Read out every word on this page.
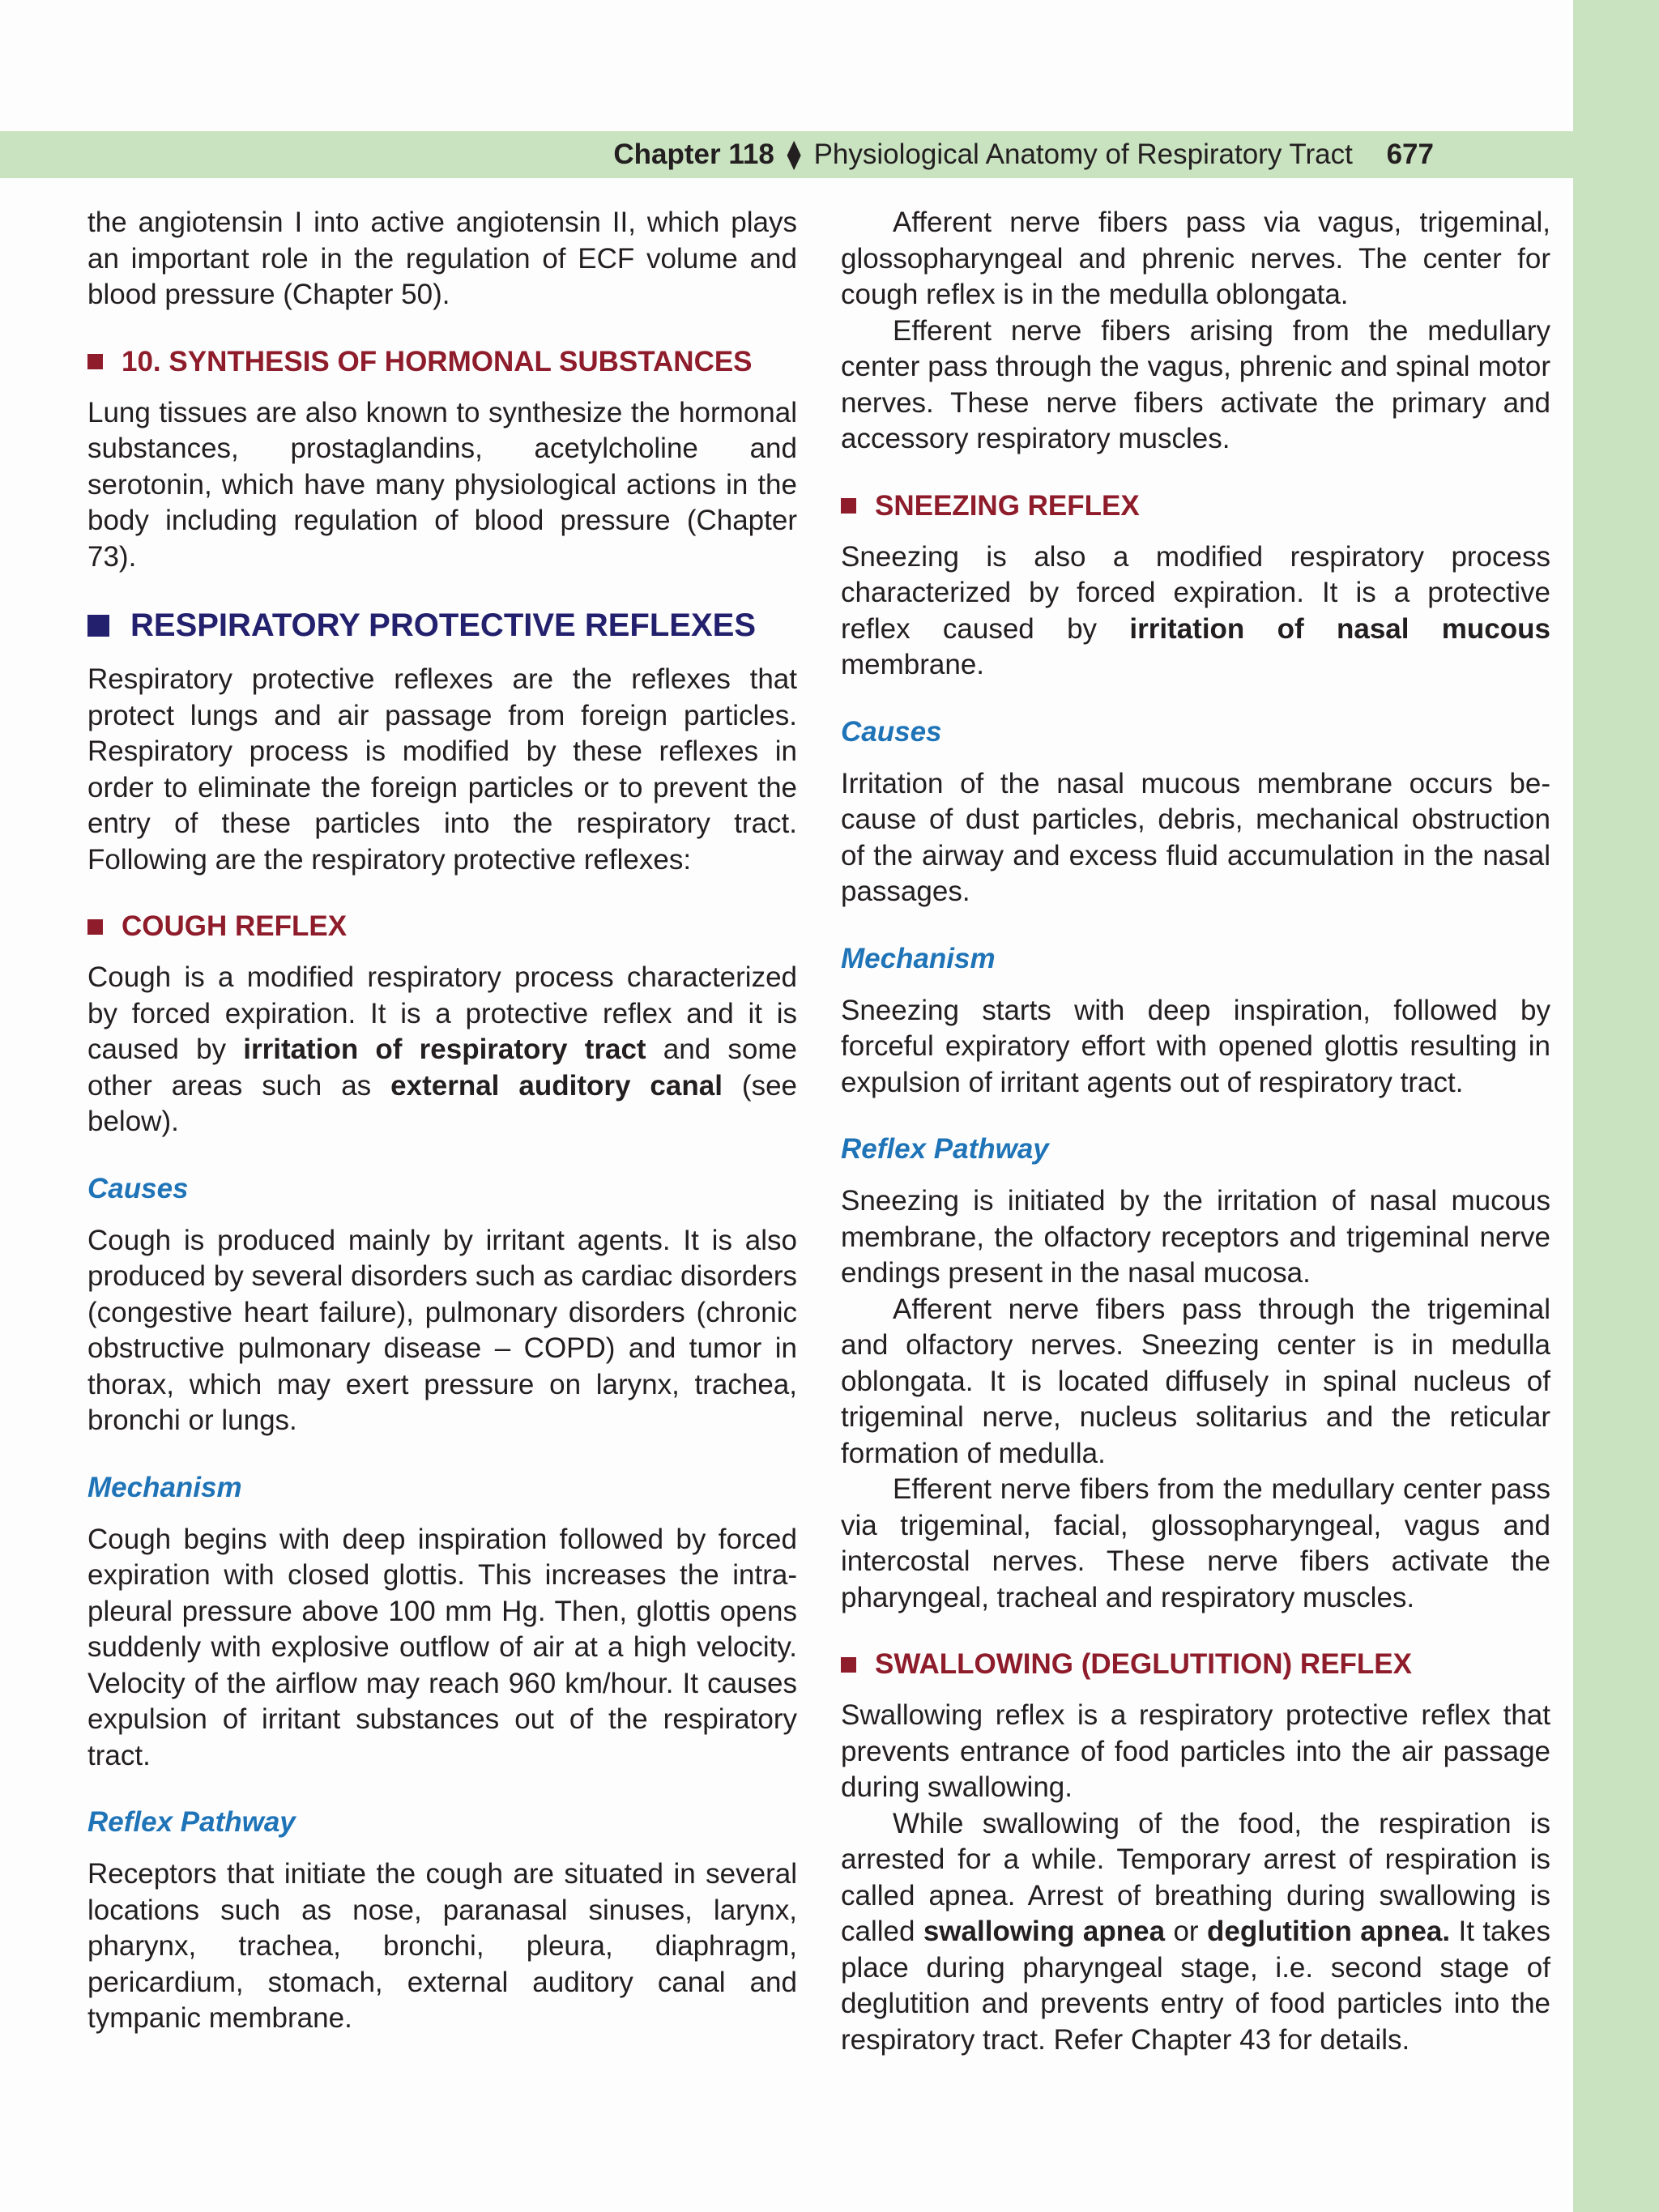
Chapter 118 ⧫ Physiological Anatomy of Respiratory Tract 677

the angiotensin I into active angiotensin II, which plays an important role in the regulation of ECF volume and blood pressure (Chapter 50).

10. SYNTHESIS OF HORMONAL SUBSTANCES

Lung tissues are also known to synthesize the hormonal substances, prostaglandins, acetylcholine and serotonin, which have many physiological actions in the body including regulation of blood pressure (Chapter 73).

RESPIRATORY PROTECTIVE REFLEXES

Respiratory protective reflexes are the reflexes that protect lungs and air passage from foreign particles. Respiratory process is modified by these reflexes in order to eliminate the foreign particles or to prevent the entry of these particles into the respiratory tract. Following are the respiratory protective reflexes:

COUGH REFLEX

Cough is a modified respiratory process characterized by forced expiration. It is a protective reflex and it is caused by irritation of respiratory tract and some other areas such as external auditory canal (see below).

Causes

Cough is produced mainly by irritant agents. It is also produced by several disorders such as cardiac disorders (congestive heart failure), pulmonary disorders (chronic obstructive pulmonary disease – COPD) and tumor in thorax, which may exert pressure on larynx, trachea, bronchi or lungs.

Mechanism

Cough begins with deep inspiration followed by forced expiration with closed glottis. This increases the intra-pleural pressure above 100 mm Hg. Then, glottis opens suddenly with explosive outflow of air at a high velocity. Velocity of the airflow may reach 960 km/hour. It causes expulsion of irritant substances out of the respiratory tract.

Reflex Pathway

Receptors that initiate the cough are situated in several locations such as nose, paranasal sinuses, larynx, pharynx, trachea, bronchi, pleura, diaphragm, pericardium, stomach, external auditory canal and tympanic membrane.

Afferent nerve fibers pass via vagus, trigeminal, glossopharyngeal and phrenic nerves. The center for cough reflex is in the medulla oblongata.

Efferent nerve fibers arising from the medullary center pass through the vagus, phrenic and spinal motor nerves. These nerve fibers activate the primary and accessory respiratory muscles.

SNEEZING REFLEX

Sneezing is also a modified respiratory process characterized by forced expiration. It is a protective reflex caused by irritation of nasal mucous membrane.

Causes

Irritation of the nasal mucous membrane occurs be-cause of dust particles, debris, mechanical obstruction of the airway and excess fluid accumulation in the nasal passages.

Mechanism

Sneezing starts with deep inspiration, followed by forceful expiratory effort with opened glottis resulting in expulsion of irritant agents out of respiratory tract.

Reflex Pathway

Sneezing is initiated by the irritation of nasal mucous membrane, the olfactory receptors and trigeminal nerve endings present in the nasal mucosa.

Afferent nerve fibers pass through the trigeminal and olfactory nerves. Sneezing center is in medulla oblongata. It is located diffusely in spinal nucleus of trigeminal nerve, nucleus solitarius and the reticular formation of medulla.

Efferent nerve fibers from the medullary center pass via trigeminal, facial, glossopharyngeal, vagus and intercostal nerves. These nerve fibers activate the pharyngeal, tracheal and respiratory muscles.

SWALLOWING (DEGLUTITION) REFLEX

Swallowing reflex is a respiratory protective reflex that prevents entrance of food particles into the air passage during swallowing.

While swallowing of the food, the respiration is arrested for a while. Temporary arrest of respiration is called apnea. Arrest of breathing during swallowing is called swallowing apnea or deglutition apnea. It takes place during pharyngeal stage, i.e. second stage of deglutition and prevents entry of food particles into the respiratory tract. Refer Chapter 43 for details.
